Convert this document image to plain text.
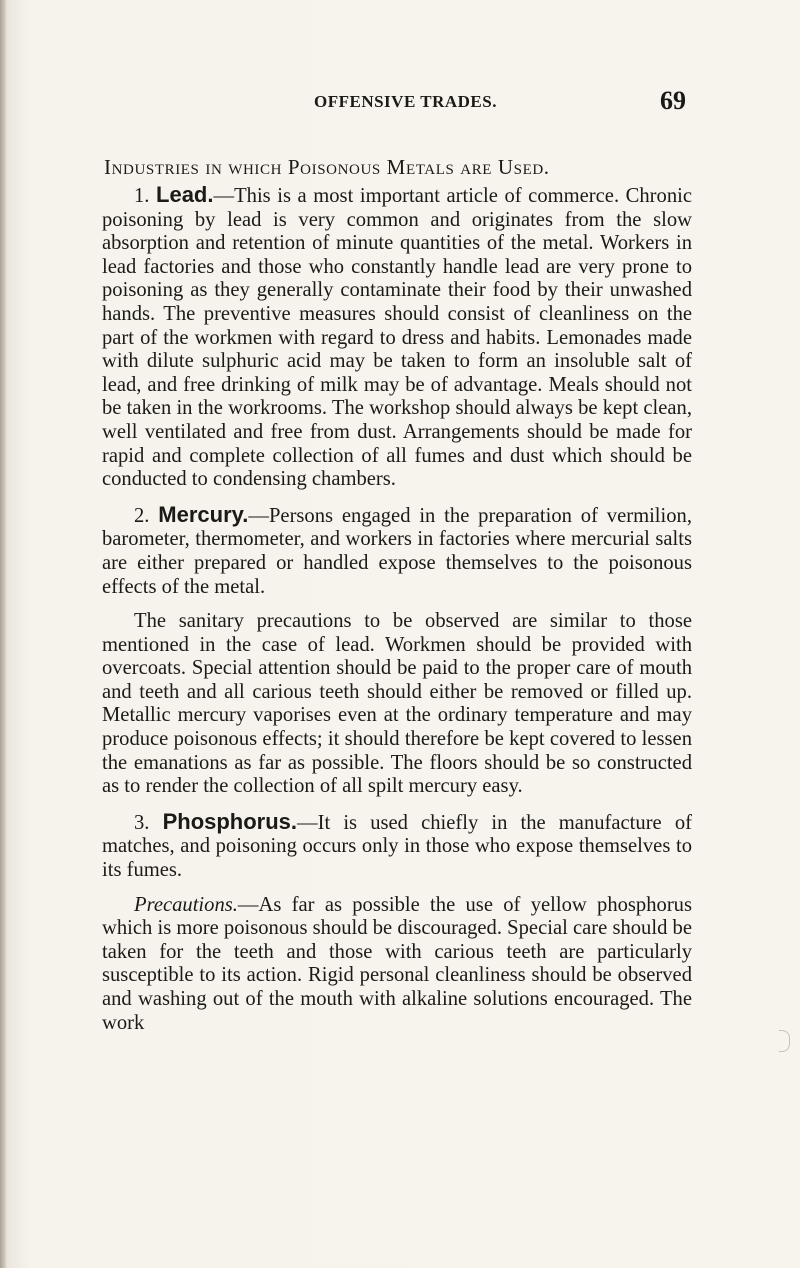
OFFENSIVE TRADES.	69
Industries in which Poisonous Metals are Used.

1. Lead.—This is a most important article of commerce. Chronic poisoning by lead is very common and originates from the slow absorption and retention of minute quantities of the metal. Workers in lead factories and those who constantly handle lead are very prone to poisoning as they generally contaminate their food by their unwashed hands. The preventive measures should consist of cleanliness on the part of the workmen with regard to dress and habits. Lemonades made with dilute sulphuric acid may be taken to form an insoluble salt of lead, and free drinking of milk may be of advantage. Meals should not be taken in the workrooms. The workshop should always be kept clean, well ventilated and free from dust. Arrangements should be made for rapid and complete collection of all fumes and dust which should be conducted to condensing chambers.

2. Mercury.—Persons engaged in the preparation of vermilion, barometer, thermometer, and workers in factories where mercurial salts are either prepared or handled expose themselves to the poisonous effects of the metal.

The sanitary precautions to be observed are similar to those mentioned in the case of lead. Workmen should be provided with overcoats. Special attention should be paid to the proper care of mouth and teeth and all carious teeth should either be removed or filled up. Metallic mercury vaporises even at the ordinary temperature and may produce poisonous effects; it should therefore be kept covered to lessen the emanations as far as possible. The floors should be so constructed as to render the collection of all spilt mercury easy.

3. Phosphorus.—It is used chiefly in the manufacture of matches, and poisoning occurs only in those who expose themselves to its fumes.

Precautions.—As far as possible the use of yellow phosphorus which is more poisonous should be discouraged. Special care should be taken for the teeth and those with carious teeth are particularly susceptible to its action. Rigid personal cleanliness should be observed and washing out of the mouth with alkaline solutions encouraged. The work
